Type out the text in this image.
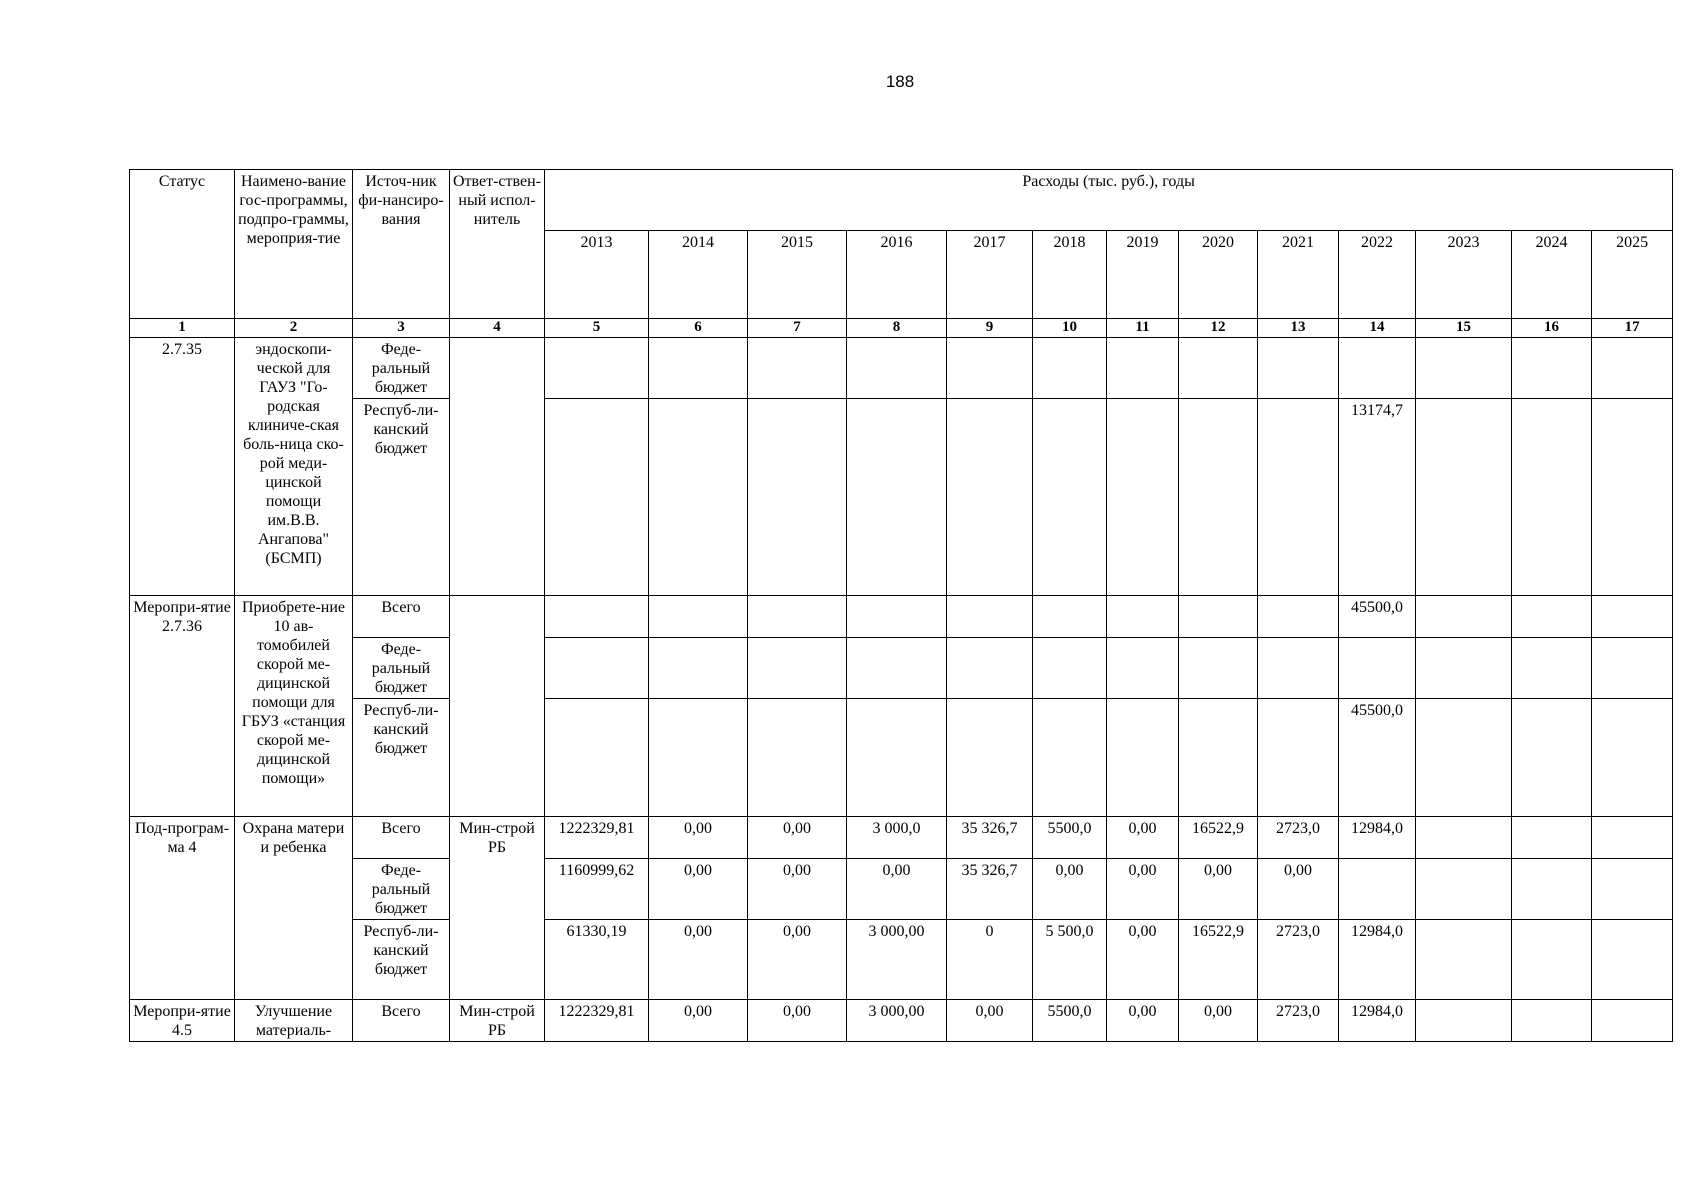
188
Статус	Наимено-вание гос-программы, подпро-граммы, мероприя-тие	Источ-ник фи-нансиро-вания	Ответ-ствен-ный испол-нитель	Расходы (тыс. руб.), годы												
				2013	2014	2015	2016	2017	2018	2019	2020	2021	2022	2023	2024	2025
1	2	3	4	5	6	7	8	9	10	11	12	13	14	15	16	17
2.7.35	эндоскопи-ческой для ГАУЗ "Го-родская клиниче-ская боль-ница ско-рой меди-цинской помощи им.В.В. Ангапова" (БСМП)	Феде-ральный бюджет														
		Респуб-ли-канский бюджет											13174,7			
Меропри-ятие 2.7.36	Приобрете-ние 10 ав-томобилей скорой ме-дицинской помощи для ГБУЗ «станция скорой ме-дицинской помощи»	Всего											45500,0			
		Феде-ральный бюджет														
		Респуб-ли-канский бюджет											45500,0			
Под-програм-ма 4	Охрана матери и ребенка	Всего	Мин-строй РБ	1222329,81	0,00	0,00	3 000,0	35 326,7	5500,0	0,00	16522,9	2723,0	12984,0			
		Феде-ральный бюджет		1160999,62	0,00	0,00	0,00	35 326,7	0,00	0,00	0,00	0,00				
		Респуб-ли-канский бюджет		61330,19	0,00	0,00	3 000,00	0	5 500,0	0,00	16522,9	2723,0	12984,0			
Меропри-ятие 4.5	Улучшение материаль-	Всего	Мин-строй РБ	1222329,81	0,00	0,00	3 000,00	0,00	5500,0	0,00	0,00	2723,0	12984,0			
